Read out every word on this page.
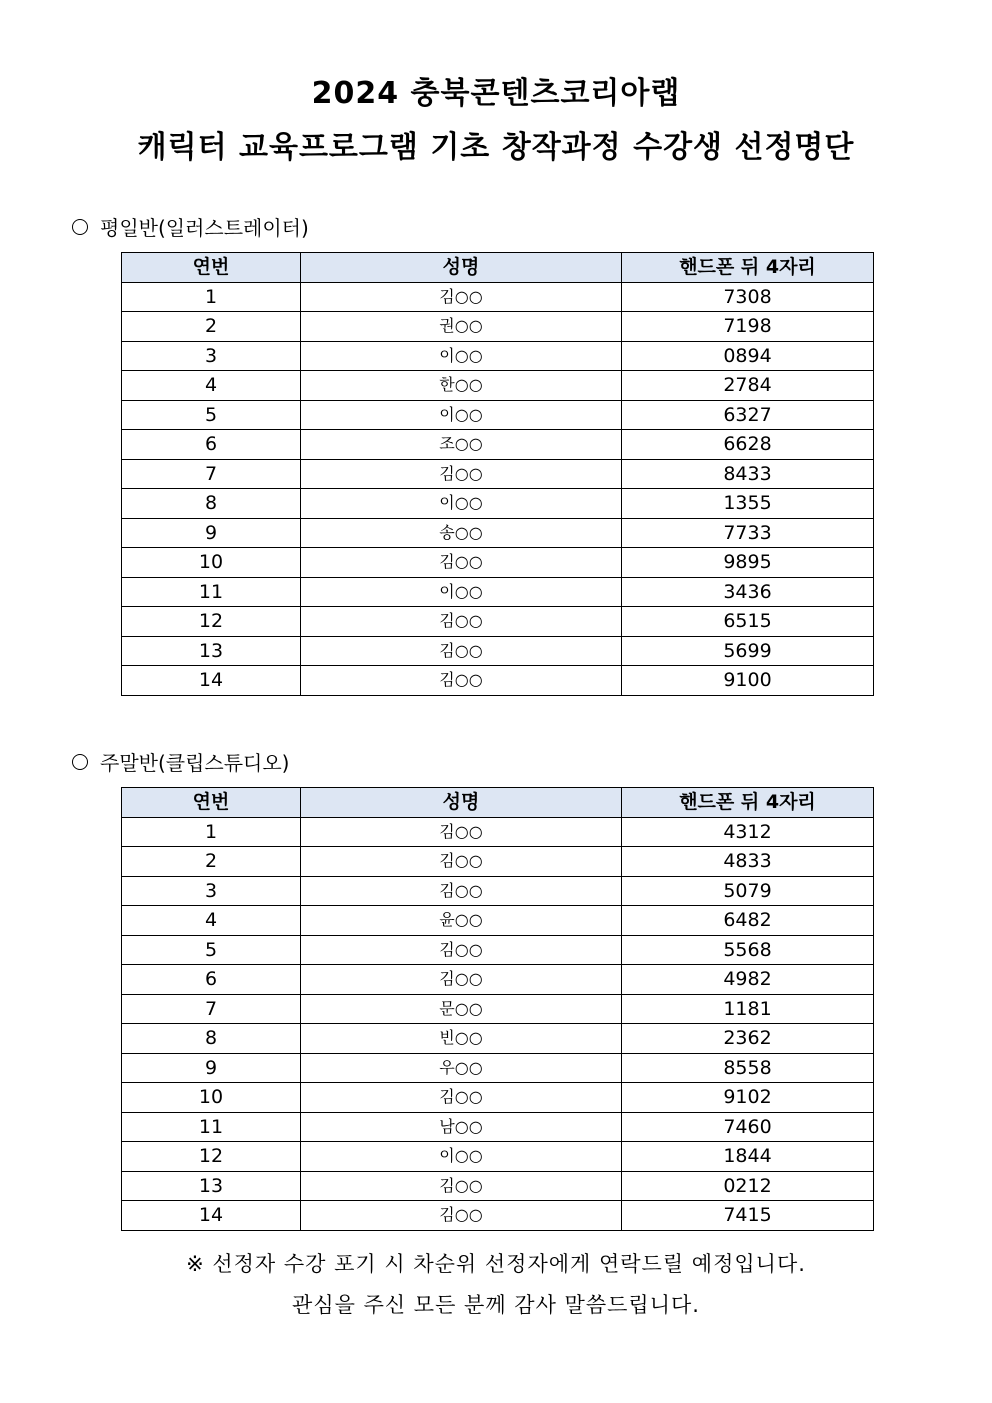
2024 충북콘텐츠코리아랩
캐릭터 교육프로그램 기초 창작과정 수강생 선정명단
평일반(일러스트레이터)
연번	성명	핸드폰 뒤 4자리
1	김○○	7308
2	권○○	7198
3	이○○	0894
4	한○○	2784
5	이○○	6327
6	조○○	6628
7	김○○	8433
8	이○○	1355
9	송○○	7733
10	김○○	9895
11	이○○	3436
12	김○○	6515
13	김○○	5699
14	김○○	9100
주말반(클립스튜디오)
연번	성명	핸드폰 뒤 4자리
1	김○○	4312
2	김○○	4833
3	김○○	5079
4	윤○○	6482
5	김○○	5568
6	김○○	4982
7	문○○	1181
8	빈○○	2362
9	우○○	8558
10	김○○	9102
11	남○○	7460
12	이○○	1844
13	김○○	0212
14	김○○	7415
※ 선정자 수강 포기 시 차순위 선정자에게 연락드릴 예정입니다.
관심을 주신 모든 분께 감사 말씀드립니다.
